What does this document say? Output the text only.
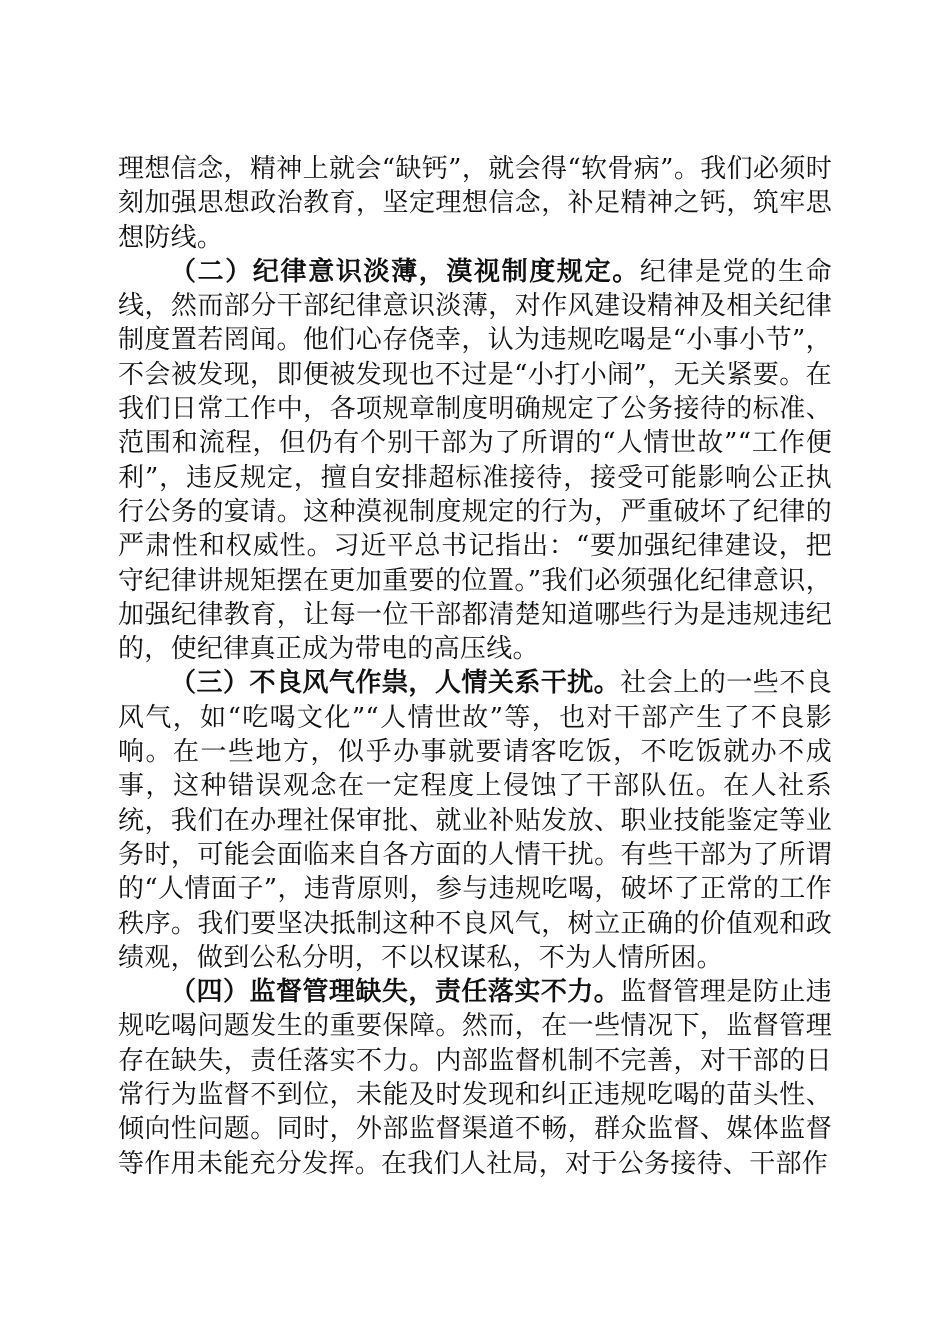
理想信念，精神上就会“缺钙”，就会得“软骨病”。我们必须时刻加强思想政治教育，坚定理想信念，补足精神之钙，筑牢思想防线。

（二）纪律意识淡薄，漠视制度规定。纪律是党的生命线，然而部分干部纪律意识淡薄，对作风建设精神及相关纪律制度置若罔闻。他们心存侥幸，认为违规吃喝是“小事小节”，不会被发现，即便被发现也不过是“小打小闹”，无关紧要。在我们日常工作中，各项规章制度明确规定了公务接待的标准、范围和流程，但仍有个别干部为了所谓的“人情世故”“工作便利”，违反规定，擅自安排超标准接待，接受可能影响公正执行公务的宴请。这种漠视制度规定的行为，严重破坏了纪律的严肃性和权威性。习近平总书记指出：“要加强纪律建设，把守纪律讲规矩摆在更加重要的位置。”我们必须强化纪律意识，加强纪律教育，让每一位干部都清楚知道哪些行为是违规违纪的，使纪律真正成为带电的高压线。

（三）不良风气作祟，人情关系干扰。社会上的一些不良风气，如“吃喝文化”“人情世故”等，也对干部产生了不良影响。在一些地方，似乎办事就要请客吃饭，不吃饭就办不成事，这种错误观念在一定程度上侵蚀了干部队伍。在人社系统，我们在办理社保审批、就业补贴发放、职业技能鉴定等业务时，可能会面临来自各方面的人情干扰。有些干部为了所谓的“人情面子”，违背原则，参与违规吃喝，破坏了正常的工作秩序。我们要坚决抵制这种不良风气，树立正确的价值观和政绩观，做到公私分明，不以权谋私，不为人情所困。

（四）监督管理缺失，责任落实不力。监督管理是防止违规吃喝问题发生的重要保障。然而，在一些情况下，监督管理存在缺失，责任落实不力。内部监督机制不完善，对干部的日常行为监督不到位，未能及时发现和纠正违规吃喝的苗头性、倾向性问题。同时，外部监督渠道不畅，群众监督、媒体监督等作用未能充分发挥。在我们人社局，对于公务接待、干部作
